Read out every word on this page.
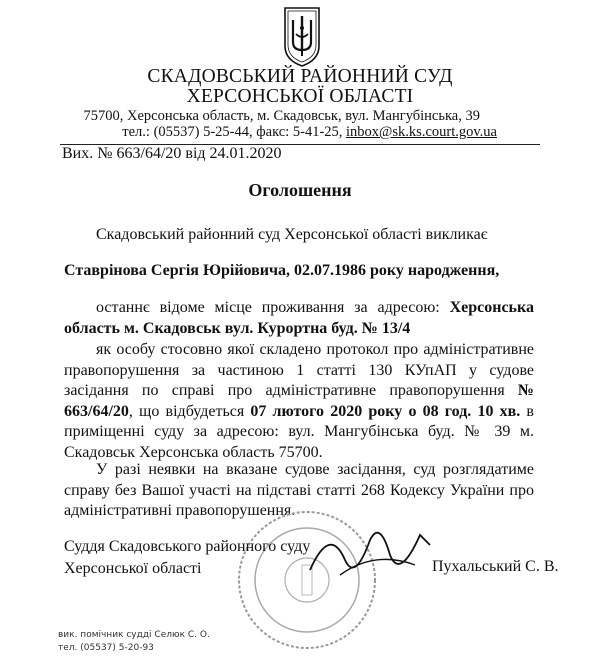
СКАДОВСЬКИЙ РАЙОННИЙ СУД
ХЕРСОНСЬКОЇ ОБЛАСТІ
75700, Херсонська область, м. Скадовськ, вул. Мангубінська, 39
тел.: (05537) 5-25-44, факс: 5-41-25, inbox@sk.ks.court.gov.ua
Вих. № 663/64/20 від 24.01.2020
Оголошення
Скадовський районний суд Херсонської області викликає
Ставрінова Сергія Юрійовича, 02.07.1986 року народження,
останнє відоме місце проживання за адресою: Херсонська область м. Скадовськ вул. Курортна буд. № 13/4
як особу стосовно якої складено протокол про адміністративне правопорушення за частиною 1 статті 130 КУпАП у судове засідання по справі про адміністративне правопорушення № 663/64/20, що відбудеться 07 лютого 2020 року о 08 год. 10 хв. в приміщенні суду за адресою: вул. Мангубінська буд. № 39 м. Скадовськ Херсонська область 75700.
У разі неявки на вказане судове засідання, суд розглядатиме справу без Вашої участі на підставі статті 268 Кодексу України про адміністративні правопорушення.
Суддя Скадовського районного суду
Херсонської області	Пухальський С. В.
вик. помічник судді Селюк С. О.
тел. (05537) 5-20-93
